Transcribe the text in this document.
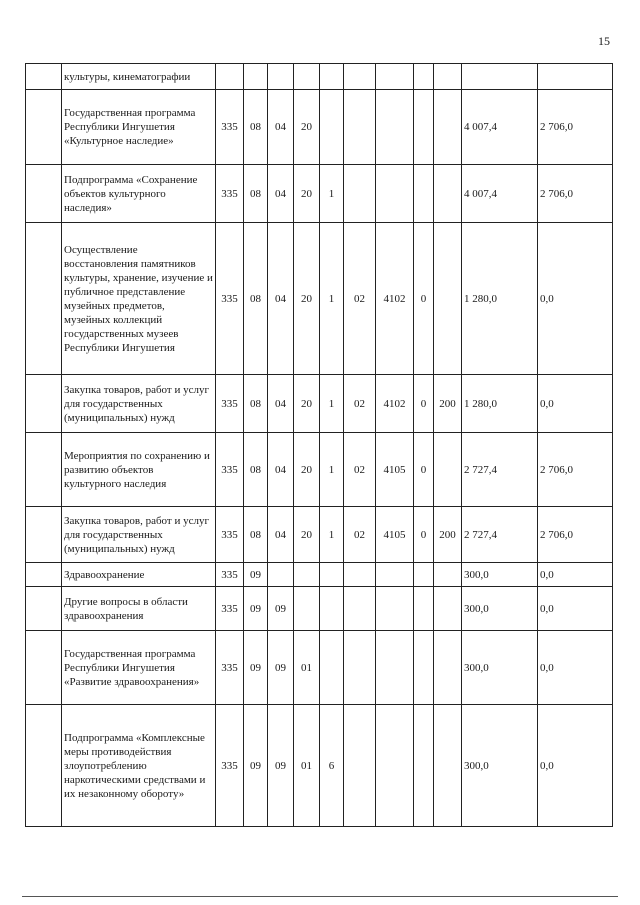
15
	культуры, кинематографии											
	Государственная программа Республики Ингушетия «Культурное наследие»	335	08	04	20						4 007,4	2 706,0
	Подпрограмма «Сохранение объектов культурного наследия»	335	08	04	20	1					4 007,4	2 706,0
	Осуществление восстановления памятников культуры, хранение, изучение и публичное представление музейных предметов, музейных коллекций государственных музеев Республики Ингушетия	335	08	04	20	1	02	4102	0		1 280,0	0,0
	Закупка товаров, работ и услуг для государственных (муниципальных) нужд	335	08	04	20	1	02	4102	0	200	1 280,0	0,0
	Мероприятия по сохранению и развитию объектов культурного наследия	335	08	04	20	1	02	4105	0		2 727,4	2 706,0
	Закупка товаров, работ и услуг для государственных (муниципальных) нужд	335	08	04	20	1	02	4105	0	200	2 727,4	2 706,0
	Здравоохранение	335	09								300,0	0,0
	Другие вопросы в области здравоохранения	335	09	09							300,0	0,0
	Государственная программа Республики Ингушетия «Развитие здравоохранения»	335	09	09	01						300,0	0,0
	Подпрограмма «Комплексные меры противодействия злоупотреблению наркотическими средствами и их незаконному обороту»	335	09	09	01	6					300,0	0,0
